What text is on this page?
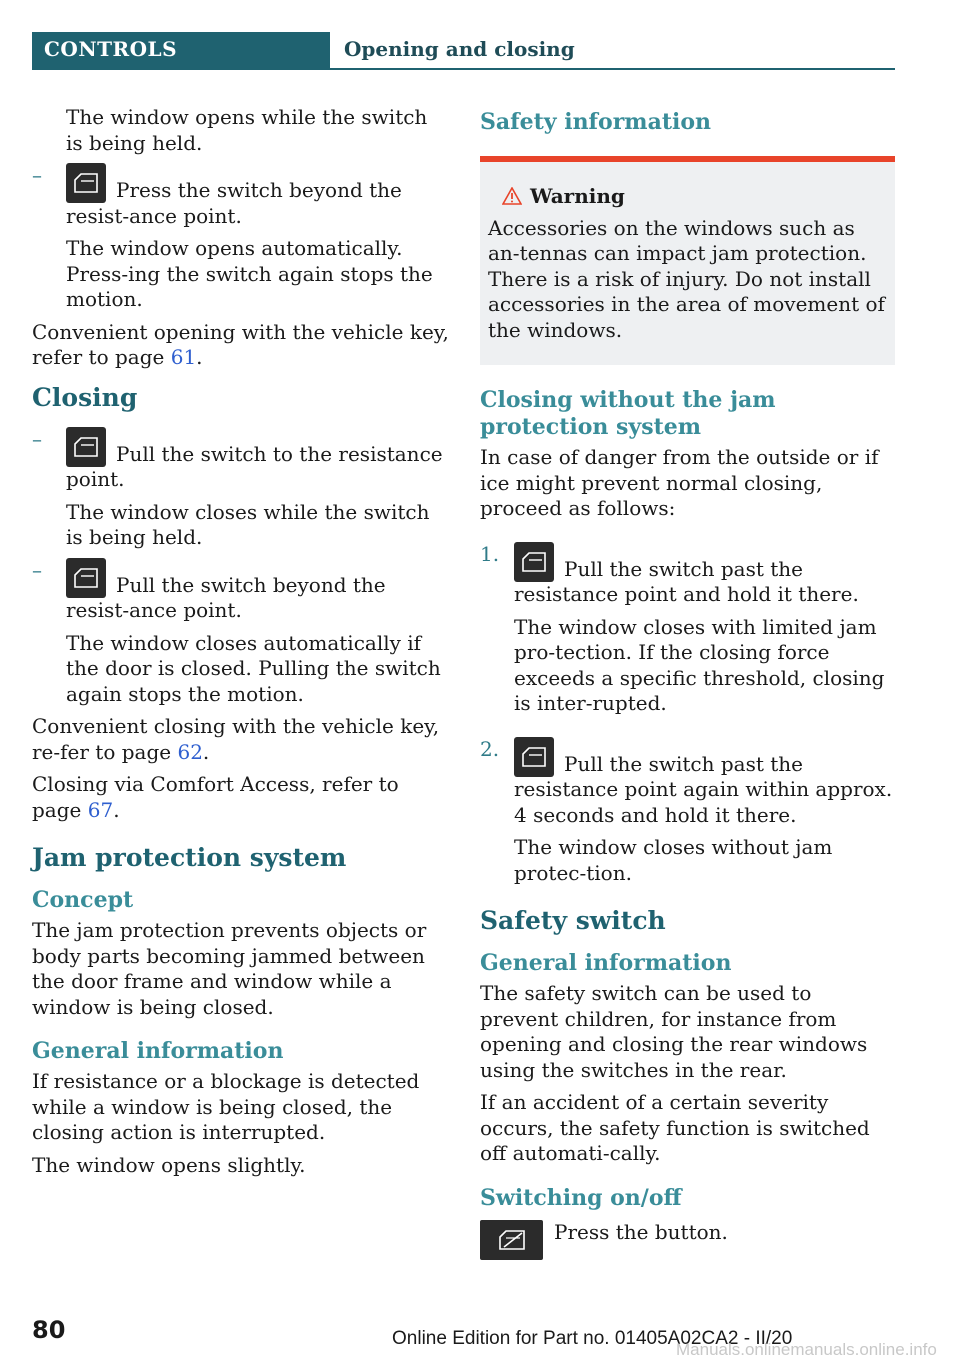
CONTROLS	Opening and closing

The window opens while the switch is being held.

–
Press the switch beyond the resist-ance point.

The window opens automatically. Press-ing the switch again stops the motion.

Convenient opening with the vehicle key, refer to page 61.

Closing
–
Pull the switch to the resistance point.

The window closes while the switch is being held.

–
Pull the switch beyond the resist-ance point.

The window closes automatically if the door is closed. Pulling the switch again stops the motion.

Convenient closing with the vehicle key, re-fer to page 62.

Closing via Comfort Access, refer to page 67.

Jam protection system
Concept

The jam protection prevents objects or body parts becoming jammed between the door frame and window while a window is being closed.

General information

If resistance or a blockage is detected while a window is being closed, the closing action is interrupted.

The window opens slightly.

Safety information
Warning

Accessories on the windows such as an-tennas can impact jam protection. There is a risk of injury. Do not install accessories in the area of movement of the windows.

Closing without the jam protection system

In case of danger from the outside or if ice might prevent normal closing, proceed as follows:

1.
Pull the switch past the resistance point and hold it there.

The window closes with limited jam pro-tection. If the closing force exceeds a specific threshold, closing is inter-rupted.

2.
Pull the switch past the resistance point again within approx. 4 seconds and hold it there.

The window closes without jam protec-tion.

Safety switch
General information

The safety switch can be used to prevent children, for instance from opening and closing the rear windows using the switches in the rear.

If an accident of a certain severity occurs, the safety function is switched off automati-cally.

Switching on/off
Press the button.
80	Online Edition for Part no. 01405A02CA2 - II/20
Manuals.onlinemanuals.online.info
